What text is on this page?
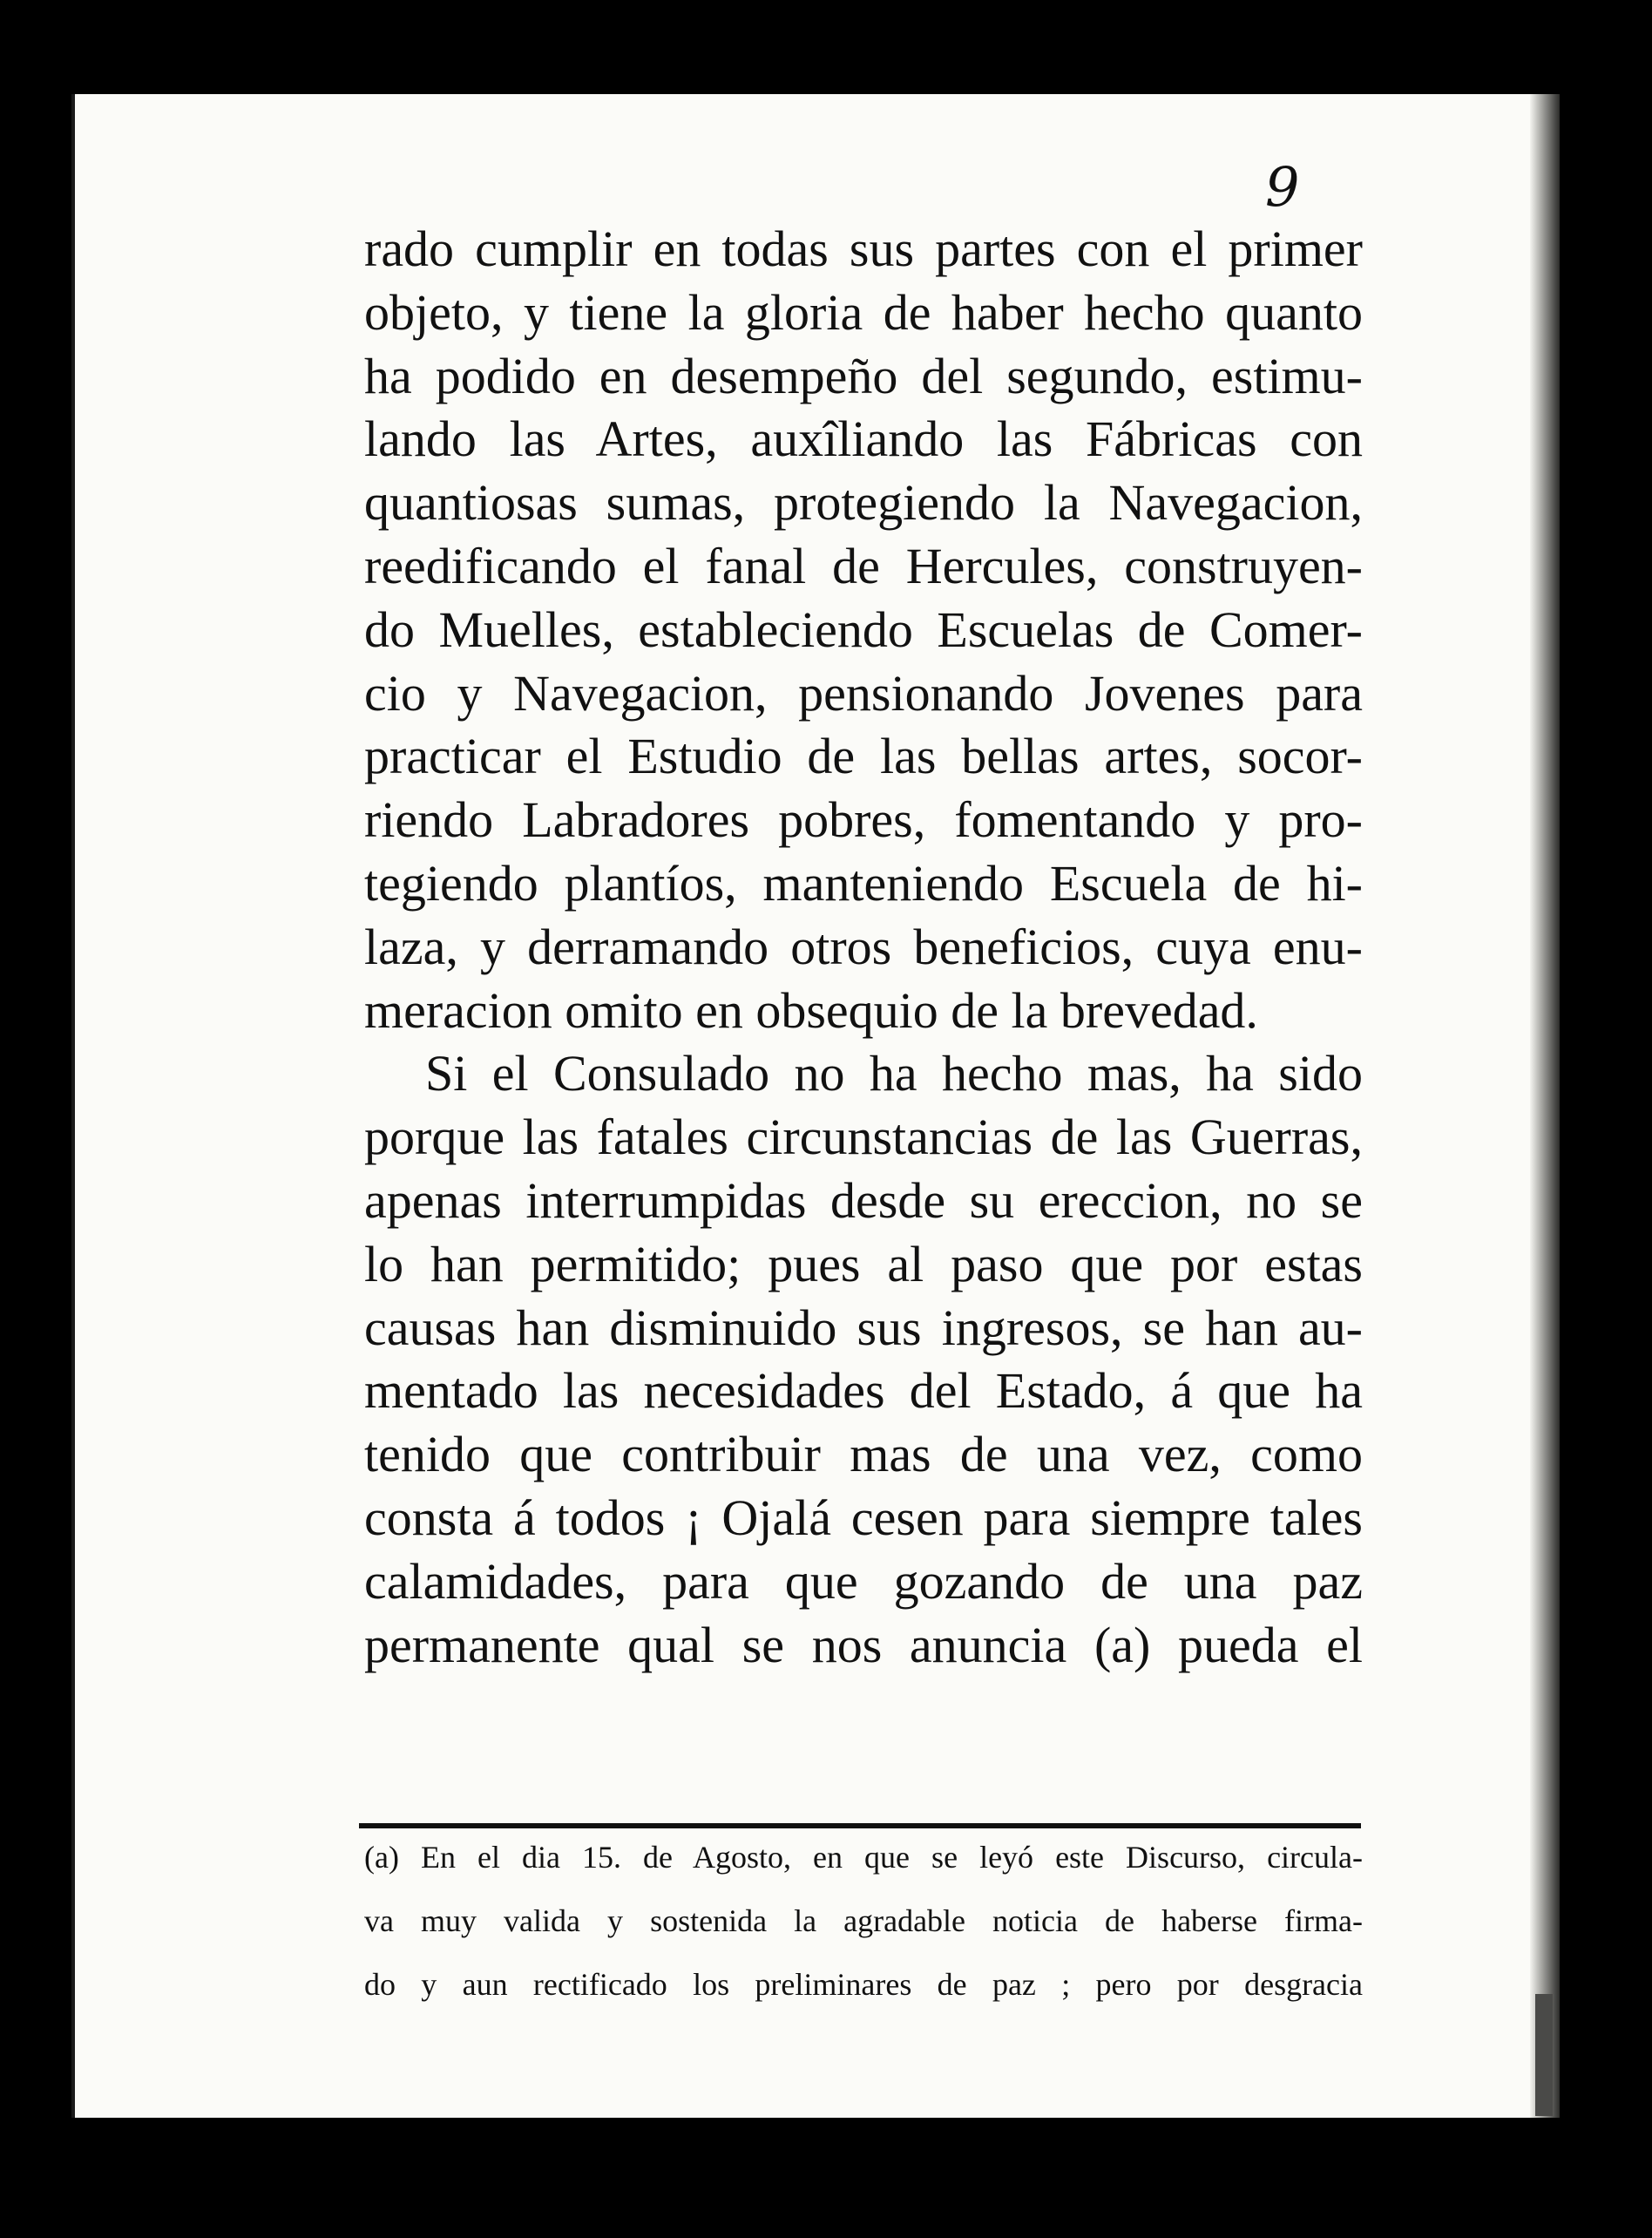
9

rado cumplir en todas sus partes con el primer
objeto, y tiene la gloria de haber hecho quanto
ha podido en desempeño del segundo, estimu-
lando las Artes, auxîliando las Fábricas con
quantiosas sumas, protegiendo la Navegacion,
reedificando el fanal de Hercules, construyen-
do Muelles, estableciendo Escuelas de Comer-
cio y Navegacion, pensionando Jovenes para
practicar el Estudio de las bellas artes, socor-
riendo Labradores pobres, fomentando y pro-
tegiendo plantíos, manteniendo Escuela de hi-
laza, y derramando otros beneficios, cuya enu-
meracion omito en obsequio de la brevedad.
Si el Consulado no ha hecho mas, ha sido
porque las fatales circunstancias de las Guerras,
apenas interrumpidas desde su ereccion, no se
lo han permitido; pues al paso que por estas
causas han disminuido sus ingresos, se han au-
mentado las necesidades del Estado, á que ha
tenido que contribuir mas de una vez, como
consta á todos ¡ Ojalá cesen para siempre tales
calamidades, para que gozando de una paz
permanente qual se nos anuncia (a) pueda el

(a) En el dia 15. de Agosto, en que se leyó este Discurso, circula-
va muy valida y sostenida la agradable noticia de haberse firma-
do y aun rectificado los preliminares de paz ; pero por desgracia
